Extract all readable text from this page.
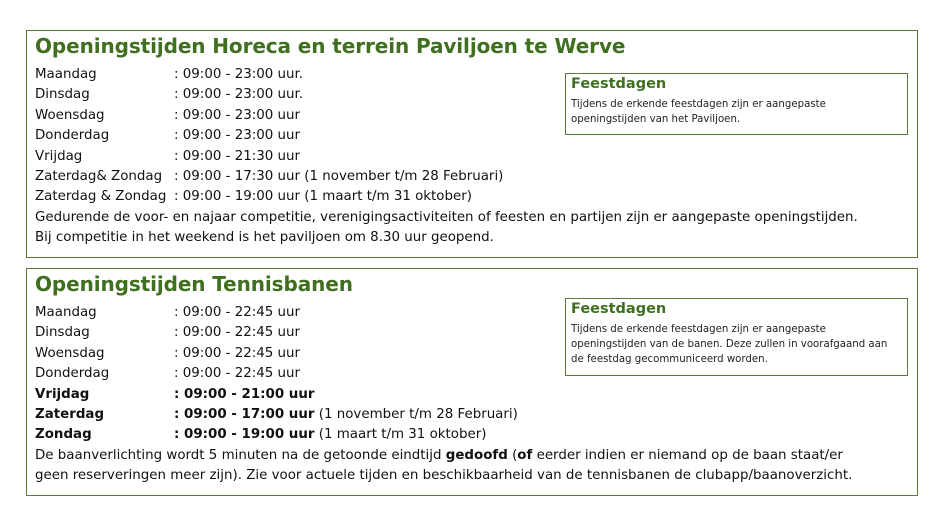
Openingstijden Horeca en terrein Paviljoen te Werve
Maandag	: 09:00 - 23:00 uur.
Dinsdag	: 09:00 - 23:00 uur.
Woensdag	: 09:00 - 23:00 uur
Donderdag	: 09:00 - 23:00 uur
Vrijdag	: 09:00 - 21:30 uur
Zaterdag& Zondag : 09:00 - 17:30 uur (1 november t/m 28 Februari)
Zaterdag & Zondag : 09:00 - 19:00 uur (1 maart t/m 31 oktober)
Gedurende de voor- en najaar competitie, verenigingsactiviteiten of feesten en partijen zijn er aangepaste openingstijden.
Bij competitie in het weekend is het paviljoen om 8.30 uur geopend.
Feestdagen
Tijdens de erkende feestdagen zijn er aangepaste openingstijden van het Paviljoen.
Openingstijden Tennisbanen
Maandag	: 09:00 - 22:45 uur
Dinsdag	: 09:00 - 22:45 uur
Woensdag	: 09:00 - 22:45 uur
Donderdag	: 09:00 - 22:45 uur
Vrijdag	: 09:00 - 21:00 uur
Zaterdag	: 09:00 - 17:00 uur (1 november t/m 28 Februari)
Zondag	: 09:00 - 19:00 uur (1 maart t/m 31 oktober)
De baanverlichting wordt 5 minuten na de getoonde eindtijd gedoofd (of eerder indien er niemand op de baan staat/er
geen reserveringen meer zijn). Zie voor actuele tijden en beschikbaarheid van de tennisbanen de clubapp/baanoverzicht.
Feestdagen
Tijdens de erkende feestdagen zijn er aangepaste openingstijden van de banen. Deze zullen in voorafgaand aan de feestdag gecommuniceerd worden.
